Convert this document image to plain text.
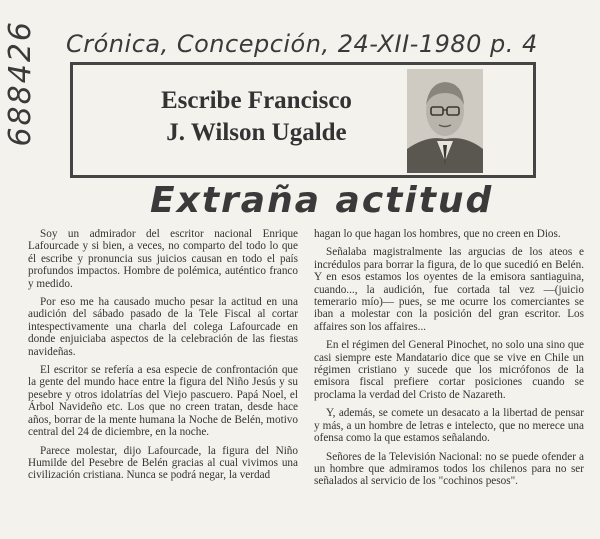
688426 Crónica, Concepción, 24-XII-1980 p. 4
Escribe Francisco
J. Wilson Ugalde
Extraña actitud

Soy un admirador del escritor nacional Enrique Lafourcade y si bien, a veces, no comparto del todo lo que él escribe y pronuncia sus juicios causan en todo el país profundos impactos. Hombre de polémica, auténtico franco y medido.

Por eso me ha causado mucho pesar la actitud en una audición del sábado pasado de la Tele Fiscal al cortar intespectivamente una charla del colega Lafourcade en donde enjuiciaba aspectos de la celebración de las fiestas navideñas.

El escritor se refería a esa especie de confrontación que la gente del mundo hace entre la figura del Niño Jesús y su pesebre y otros idolatrías del Viejo pascuero. Papá Noel, el Árbol Navideño etc. Los que no creen tratan, desde hace años, borrar de la mente humana la Noche de Belén, motivo central del 24 de diciembre, en la noche.

Parece molestar, dijo Lafourcade, la figura del Niño Humilde del Pesebre de Belén gracias al cual vivimos una civilización cristiana. Nunca se podrá negar, la verdad

hagan lo que hagan los hombres, que no creen en Dios.

Señalaba magistralmente las argucias de los ateos e incrédulos para borrar la figura, de lo que sucedió en Belén. Y en esos estamos los oyentes de la emisora santiaguina, cuando..., la audición, fue cortada tal vez —(juicio temerario mío)— pues, se me ocurre los comerciantes se iban a molestar con la posición del gran escritor. Los affaires son los affaires...

En el régimen del General Pinochet, no solo una sino que casi siempre este Mandatario dice que se vive en Chile un régimen cristiano y sucede que los micrófonos de la emisora fiscal prefiere cortar posiciones cuando se proclama la verdad del Cristo de Nazareth.

Y, además, se comete un desacato a la libertad de pensar y más, a un hombre de letras e intelecto, que no merece una ofensa como la que estamos señalando.

Señores de la Televisión Nacional: no se puede ofender a un hombre que admiramos todos los chilenos para no ser señalados al servicio de los "cochinos pesos".
